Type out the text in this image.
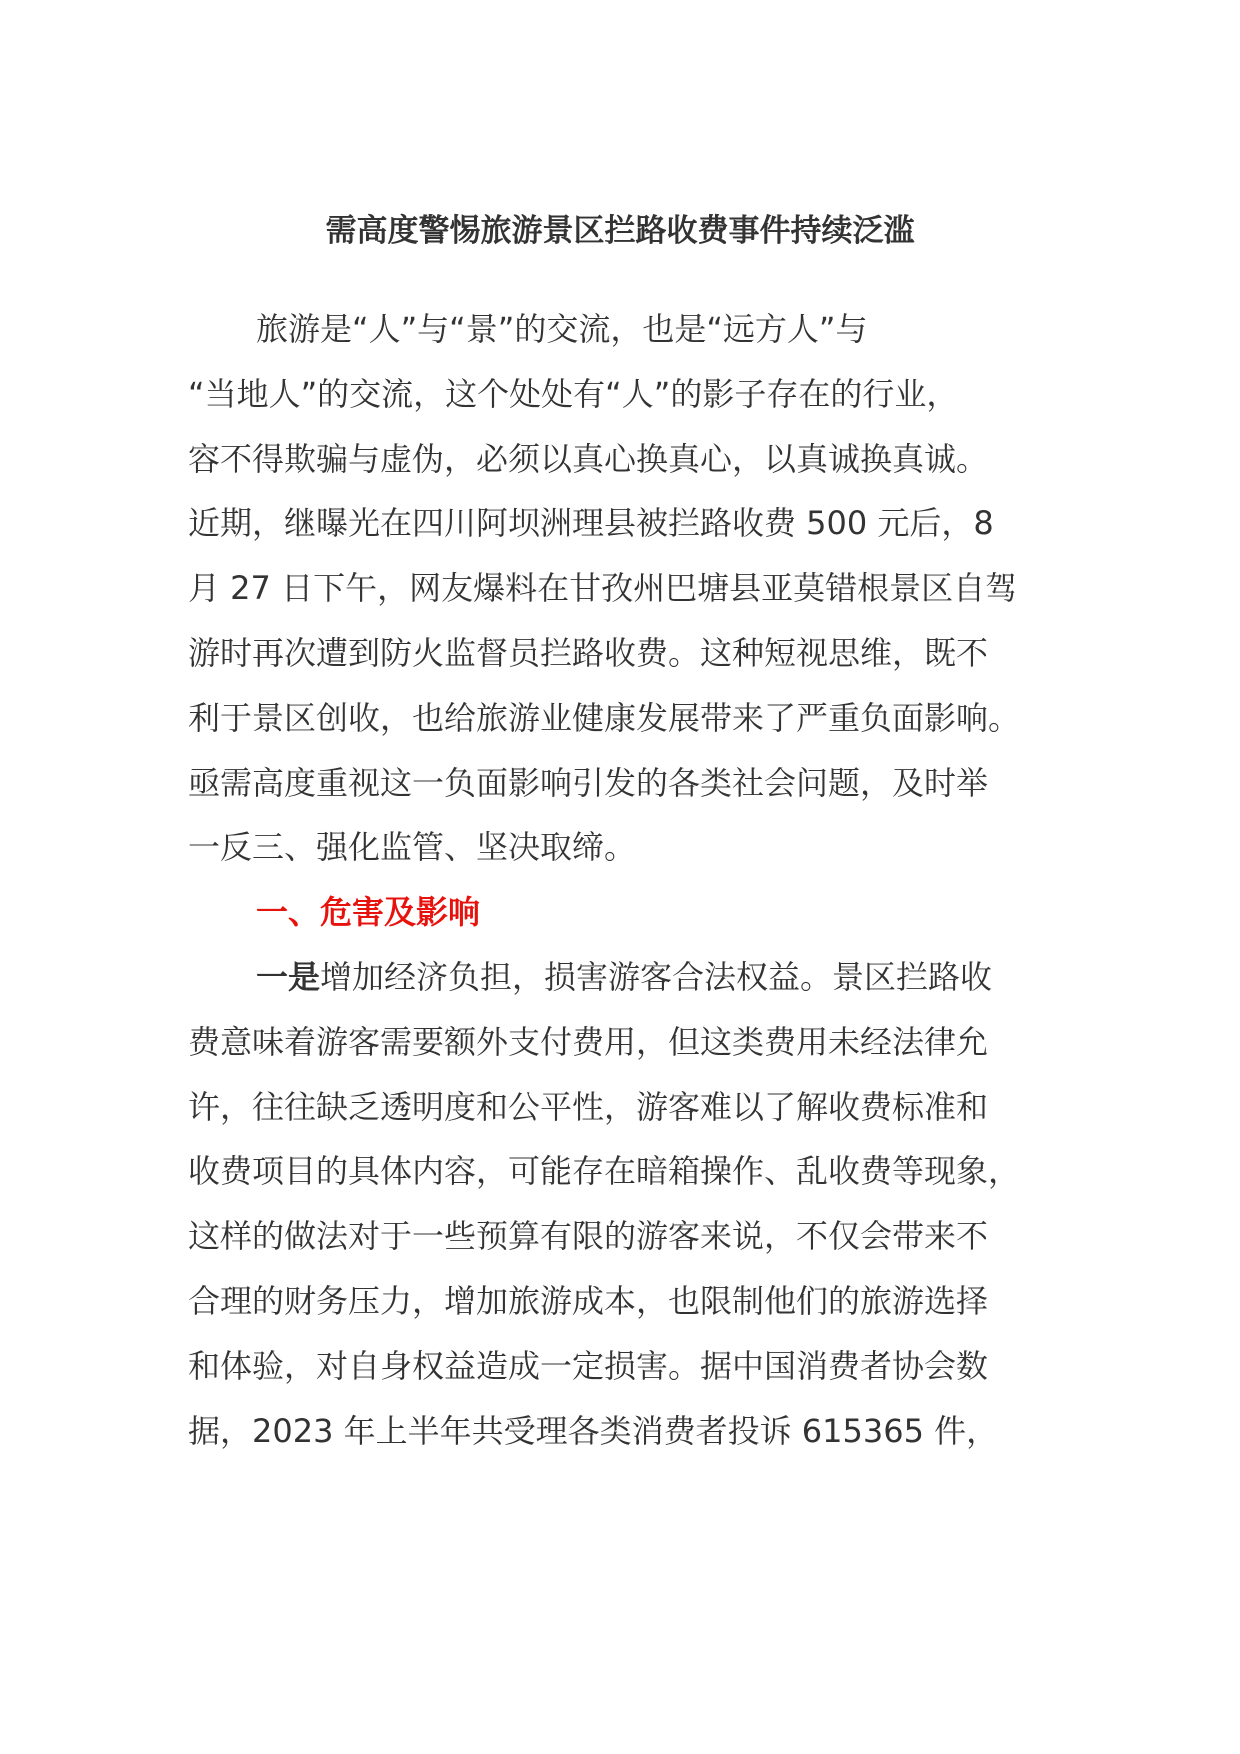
需高度警惕旅游景区拦路收费事件持续泛滥
旅游是“人”与“景”的交流，也是“远方人”与
“当地人”的交流，这个处处有“人”的影子存在的行业，
容不得欺骗与虚伪，必须以真心换真心，以真诚换真诚。
近期，继曝光在四川阿坝洲理县被拦路收费 500 元后，8
月 27 日下午，网友爆料在甘孜州巴塘县亚莫错根景区自驾
游时再次遭到防火监督员拦路收费。这种短视思维，既不
利于景区创收，也给旅游业健康发展带来了严重负面影响。
亟需高度重视这一负面影响引发的各类社会问题，及时举
一反三、强化监管、坚决取缔。
一、危害及影响
一是增加经济负担，损害游客合法权益。景区拦路收
费意味着游客需要额外支付费用，但这类费用未经法律允
许，往往缺乏透明度和公平性，游客难以了解收费标准和
收费项目的具体内容，可能存在暗箱操作、乱收费等现象，
这样的做法对于一些预算有限的游客来说，不仅会带来不
合理的财务压力，增加旅游成本，也限制他们的旅游选择
和体验，对自身权益造成一定损害。据中国消费者协会数
据，2023 年上半年共受理各类消费者投诉 615365 件，
